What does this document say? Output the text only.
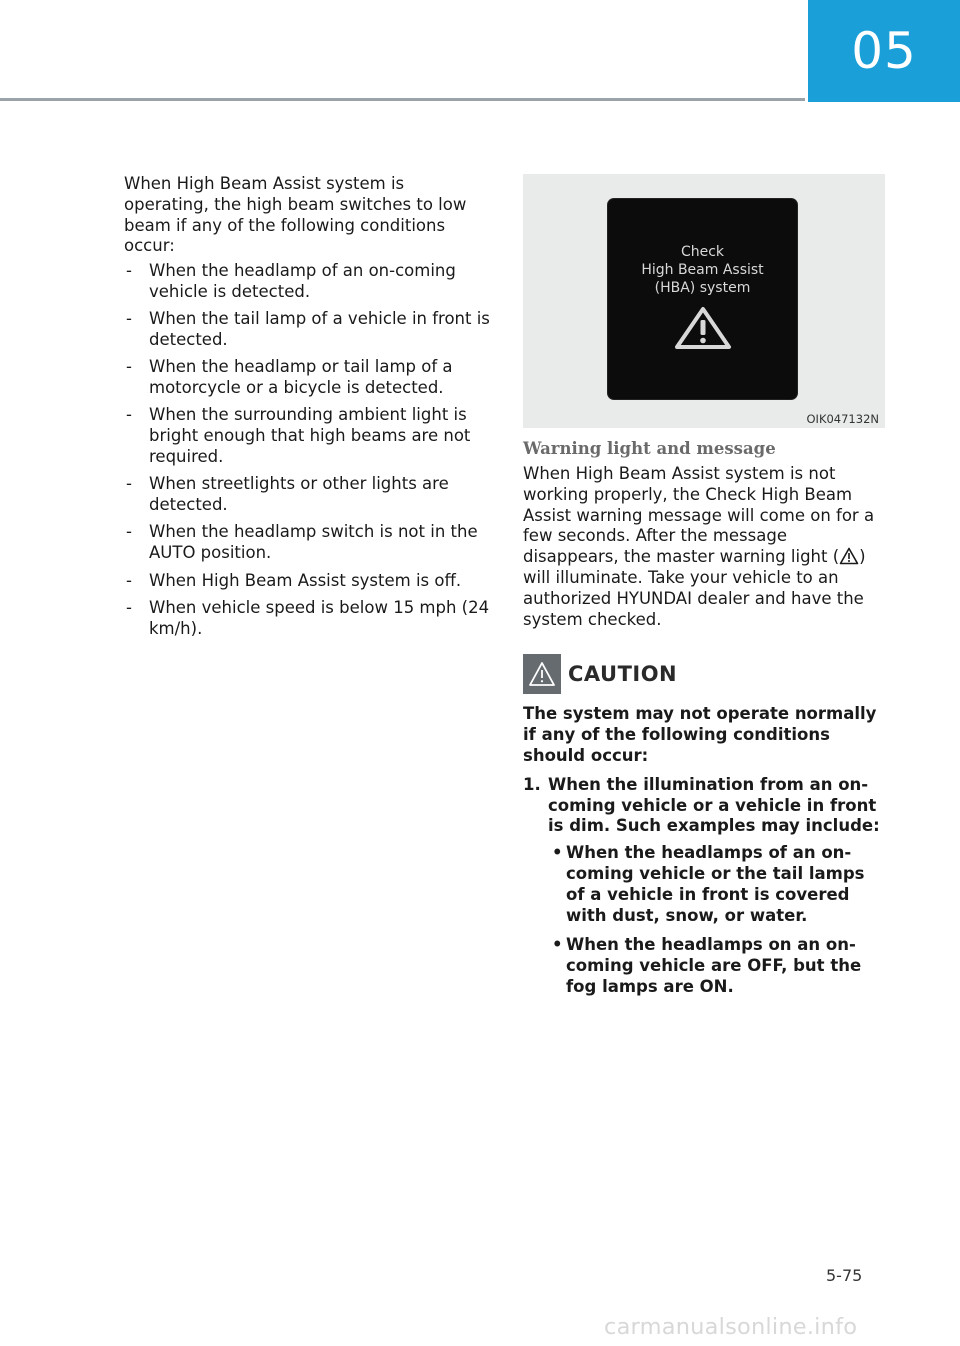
05

When High Beam Assist system is operating, the high beam switches to low beam if any of the following conditions occur:

- When the headlamp of an on-coming vehicle is detected.
- When the tail lamp of a vehicle in front is detected.
- When the headlamp or tail lamp of a motorcycle or a bicycle is detected.
- When the surrounding ambient light is bright enough that high beams are not required.
- When streetlights or other lights are detected.
- When the headlamp switch is not in the AUTO position.
- When High Beam Assist system is off.
- When vehicle speed is below 15 mph (24 km/h).
Check
High Beam Assist
(HBA) system
OIK047132N
Warning light and message

When High Beam Assist system is not working properly, the Check High Beam Assist warning message will come on for a few seconds. After the message disappears, the master warning light ( ) will illuminate. Take your vehicle to an authorized HYUNDAI dealer and have the system checked.

CAUTION

The system may not operate normally if any of the following conditions should occur:

1. When the illumination from an on-coming vehicle or a vehicle in front is dim. Such examples may include:
• When the headlamps of an on-coming vehicle or the tail lamps of a vehicle in front is covered with dust, snow, or water.
• When the headlamps on an on-coming vehicle are OFF, but the fog lamps are ON.
5-75
carmanualsonline.info
